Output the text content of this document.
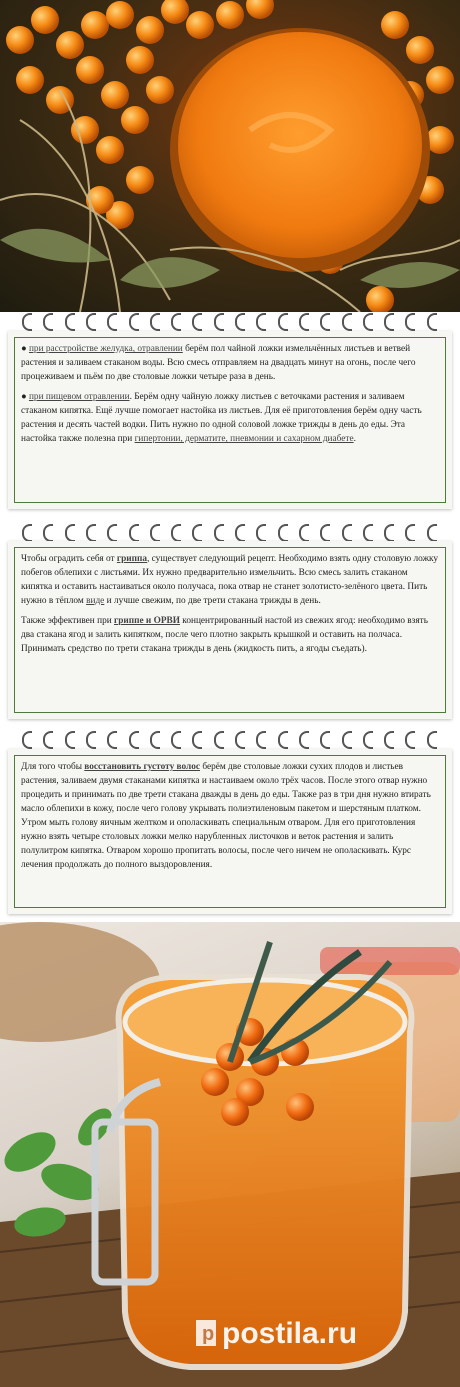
● при расстройстве желудка, отравлении берём пол чайной ложки измельчённых листьев и ветвей растения и заливаем стаканом воды. Всю смесь отправляем на двадцать минут на огонь, после чего процеживаем и пьём по две столовые ложки четыре раза в день.

● при пищевом отравлении. Берём одну чайную ложку листьев с веточками растения и заливаем стаканом кипятка. Ещё лучше помогает настойка из листьев. Для её приготовления берём одну часть растения и десять частей водки. Пить нужно по одной соловой ложке трижды в день до еды. Эта настойка также полезна при гипертонии, дерматите, пневмонии и сахарном диабете.

Чтобы оградить себя от гриппа, существует следующий рецепт. Необходимо взять одну столовую ложку побегов облепихи с листьями. Их нужно предварительно измельчить. Всю смесь залить стаканом кипятка и оставить настаиваться около получаса, пока отвар не станет золотисто-зелёного цвета. Пить нужно в тёплом виде и лучше свежим, по две трети стакана трижды в день.

Также эффективен при гриппе и ОРВИ концентрированный настой из свежих ягод: необходимо взять два стакана ягод и залить кипятком, после чего плотно закрыть крышкой и оставить на полчаса. Принимать средство по трети стакана трижды в день (жидкость пить, а ягоды съедать).

Для того чтобы восстановить густоту волос берём две столовые ложки сухих плодов и листьев растения, заливаем двумя стаканами кипятка и настаиваем около трёх часов. После этого отвар нужно процедить и принимать по две трети стакана дважды в день до еды. Также раз в три дня нужно втирать масло облепихи в кожу, после чего голову укрывать полиэтиленовым пакетом и шерстяным платком. Утром мыть голову яичным желтком и ополаскивать специальным отваром. Для его приготовления нужно взять четыре столовых ложки мелко нарубленных листочков и веток растения и залить полулитром кипятка. Отваром хорошо пропитать волосы, после чего ничем не ополаскивать. Курс лечения продолжать до полного выздоровления.

p postila.ru
